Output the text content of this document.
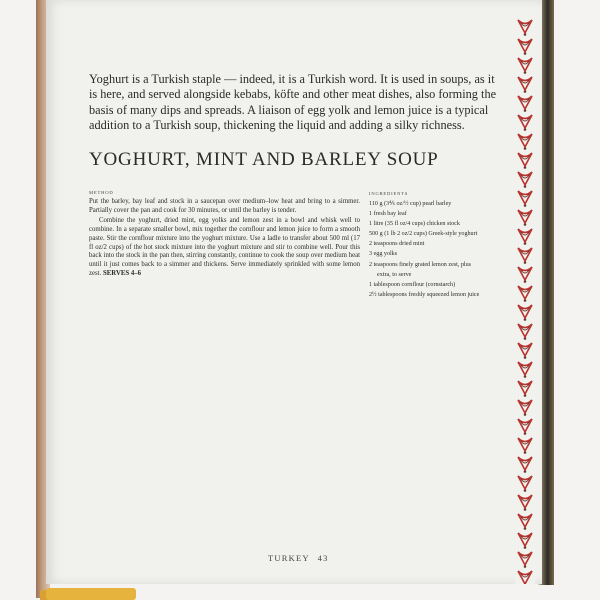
Yoghurt is a Turkish staple — indeed, it is a Turkish word. It is used in soups, as it is here, and served alongside kebabs, köfte and other meat dishes, also forming the basis of many dips and spreads. A liaison of egg yolk and lemon juice is a typical addition to a Turkish soup, thickening the liquid and adding a silky richness.

YOGHURT, MINT AND BARLEY SOUP

METHOD

Put the barley, bay leaf and stock in a saucepan over medium–low heat and bring to a simmer. Partially cover the pan and cook for 30 minutes, or until the barley is tender.

Combine the yoghurt, dried mint, egg yolks and lemon zest in a bowl and whisk well to combine. In a separate smaller bowl, mix together the cornflour and lemon juice to form a smooth paste. Stir the cornflour mixture into the yoghurt mixture. Use a ladle to transfer about 500 ml (17 fl oz/2 cups) of the hot stock mixture into the yoghurt mixture and stir to combine well. Pour this back into the stock in the pan then, stirring constantly, continue to cook the soup over medium heat until it just comes back to a simmer and thickens. Serve immediately sprinkled with some lemon zest. SERVES 4–6

INGREDIENTS

110 g (3⅘ oz/½ cup) pearl barley
1 fresh bay leaf
1 litre (35 fl oz/4 cups) chicken stock
500 g (1 lb 2 oz/2 cups) Greek-style yoghurt
2 teaspoons dried mint
3 egg yolks
2 teaspoons finely grated lemon zest, plus
extra, to serve
1 tablespoon cornflour (cornstarch)
2½ tablespoons freshly squeezed lemon juice

TURKEY 43
